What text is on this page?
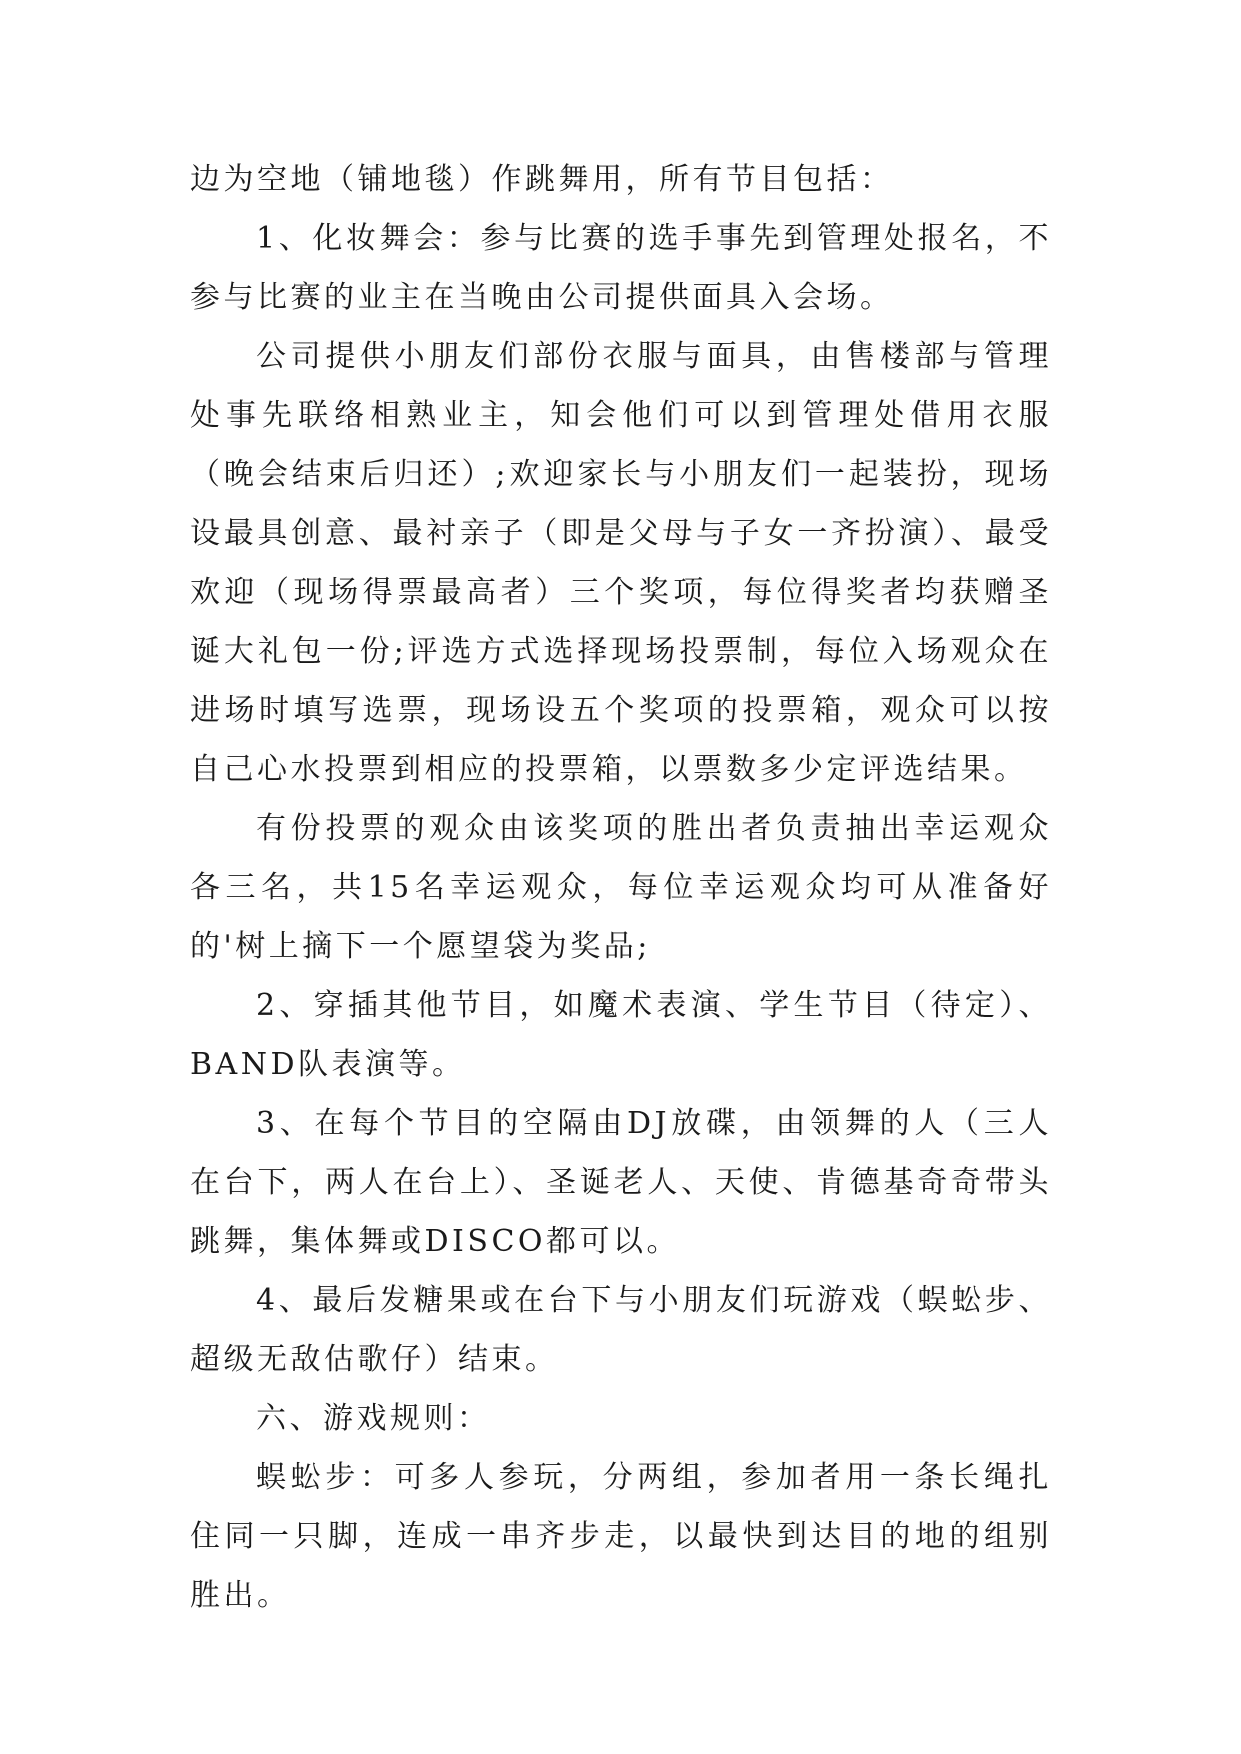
边为空地（铺地毯）作跳舞用，所有节目包括：

1、化妆舞会：参与比赛的选手事先到管理处报名，不参与比赛的业主在当晚由公司提供面具入会场。

公司提供小朋友们部份衣服与面具，由售楼部与管理处事先联络相熟业主，知会他们可以到管理处借用衣服（晚会结束后归还）;欢迎家长与小朋友们一起装扮，现场设最具创意、最衬亲子（即是父母与子女一齐扮演）、最受欢迎（现场得票最高者）三个奖项，每位得奖者均获赠圣诞大礼包一份;评选方式选择现场投票制，每位入场观众在进场时填写选票，现场设五个奖项的投票箱，观众可以按自己心水投票到相应的投票箱，以票数多少定评选结果。

有份投票的观众由该奖项的胜出者负责抽出幸运观众各三名，共15名幸运观众，每位幸运观众均可从准备好的'树上摘下一个愿望袋为奖品;

2、穿插其他节目，如魔术表演、学生节目（待定）、BAND队表演等。

3、在每个节目的空隔由DJ放碟，由领舞的人（三人在台下，两人在台上）、圣诞老人、天使、肯德基奇奇带头跳舞，集体舞或DISCO都可以。

4、最后发糖果或在台下与小朋友们玩游戏（蜈蚣步、超级无敌估歌仔）结束。

六、游戏规则：

蜈蚣步：可多人参玩，分两组，参加者用一条长绳扎住同一只脚，连成一串齐步走，以最快到达目的地的组别胜出。
